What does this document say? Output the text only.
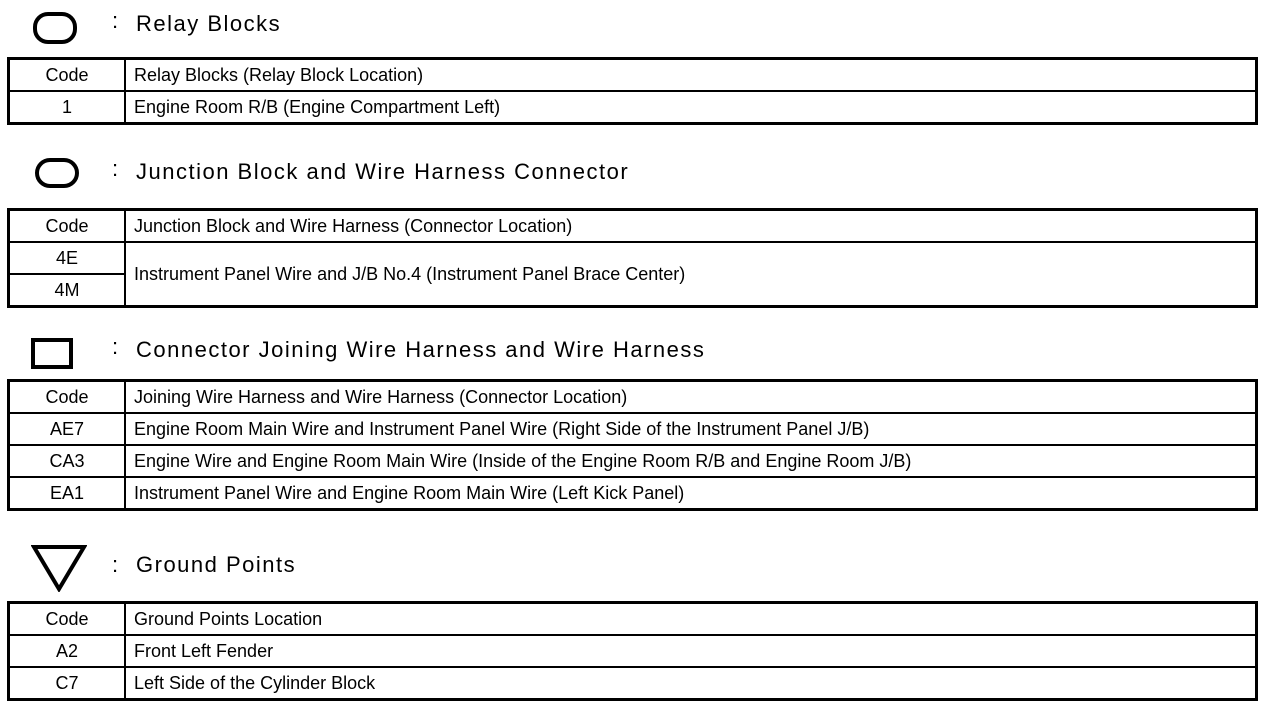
: Relay Blocks
Code	Relay Blocks (Relay Block Location)
1	Engine Room R/B (Engine Compartment Left)
: Junction Block and Wire Harness Connector
Code	Junction Block and Wire Harness (Connector Location)
4E	Instrument Panel Wire and J/B No.4 (Instrument Panel Brace Center)
4M	
: Connector Joining Wire Harness and Wire Harness
Code	Joining Wire Harness and Wire Harness (Connector Location)
AE7	Engine Room Main Wire and Instrument Panel Wire (Right Side of the Instrument Panel J/B)
CA3	Engine Wire and Engine Room Main Wire (Inside of the Engine Room R/B and Engine Room J/B)
EA1	Instrument Panel Wire and Engine Room Main Wire (Left Kick Panel)
: Ground Points
Code	Ground Points Location
A2	Front Left Fender
C7	Left Side of the Cylinder Block
